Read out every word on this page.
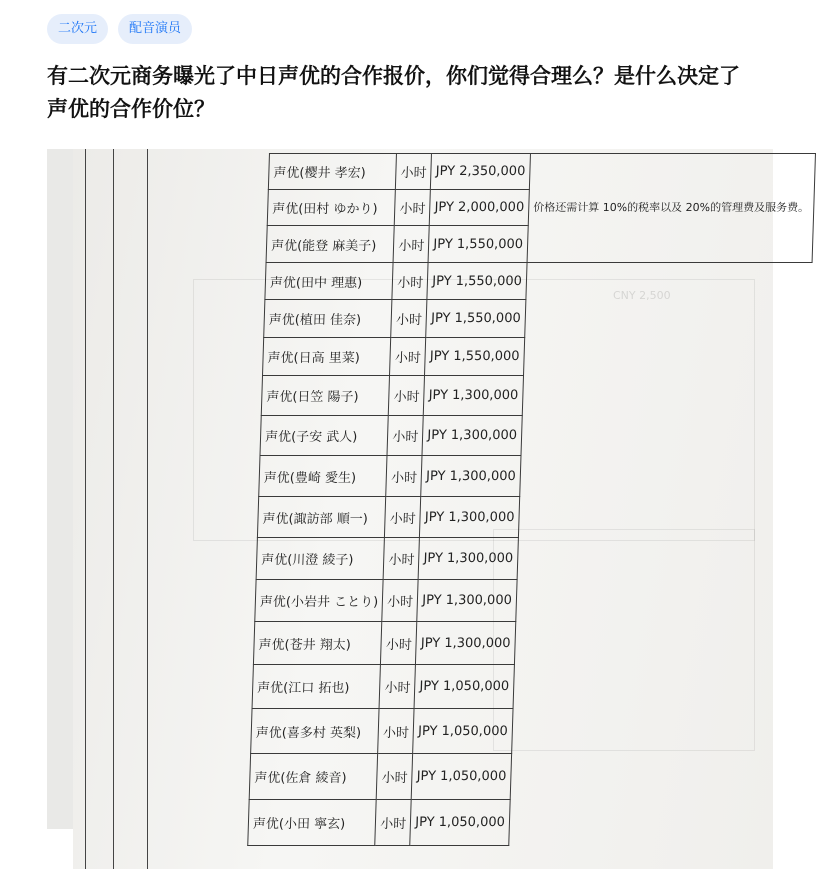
二次元	配音演员
有二次元商务曝光了中日声优的合作报价，你们觉得合理么？是什么决定了声优的合作价位？
CNY 2,500
声优(樱井 孝宏)	小时	JPY 2,350,000	价格还需计算 10%的税率以及 20%的管理费及服务费。
声优(田村 ゆかり)	小时	JPY 2,000,000	
声优(能登 麻美子)	小时	JPY 1,550,000	
声优(田中 理惠)	小时	JPY 1,550,000	
声优(植田 佳奈)	小时	JPY 1,550,000	
声优(日高 里菜)	小时	JPY 1,550,000	
声优(日笠 陽子)	小时	JPY 1,300,000	
声优(子安 武人)	小时	JPY 1,300,000	
声优(豊崎 愛生)	小时	JPY 1,300,000	
声优(諏訪部 順一)	小时	JPY 1,300,000	
声优(川澄 綾子)	小时	JPY 1,300,000	
声优(小岩井 ことり)	小时	JPY 1,300,000	
声优(苍井 翔太)	小时	JPY 1,300,000	
声优(江口 拓也)	小时	JPY 1,050,000	
声优(喜多村 英梨)	小时	JPY 1,050,000	
声优(佐倉 綾音)	小时	JPY 1,050,000	
声优(小田 寧玄)	小时	JPY 1,050,000	
